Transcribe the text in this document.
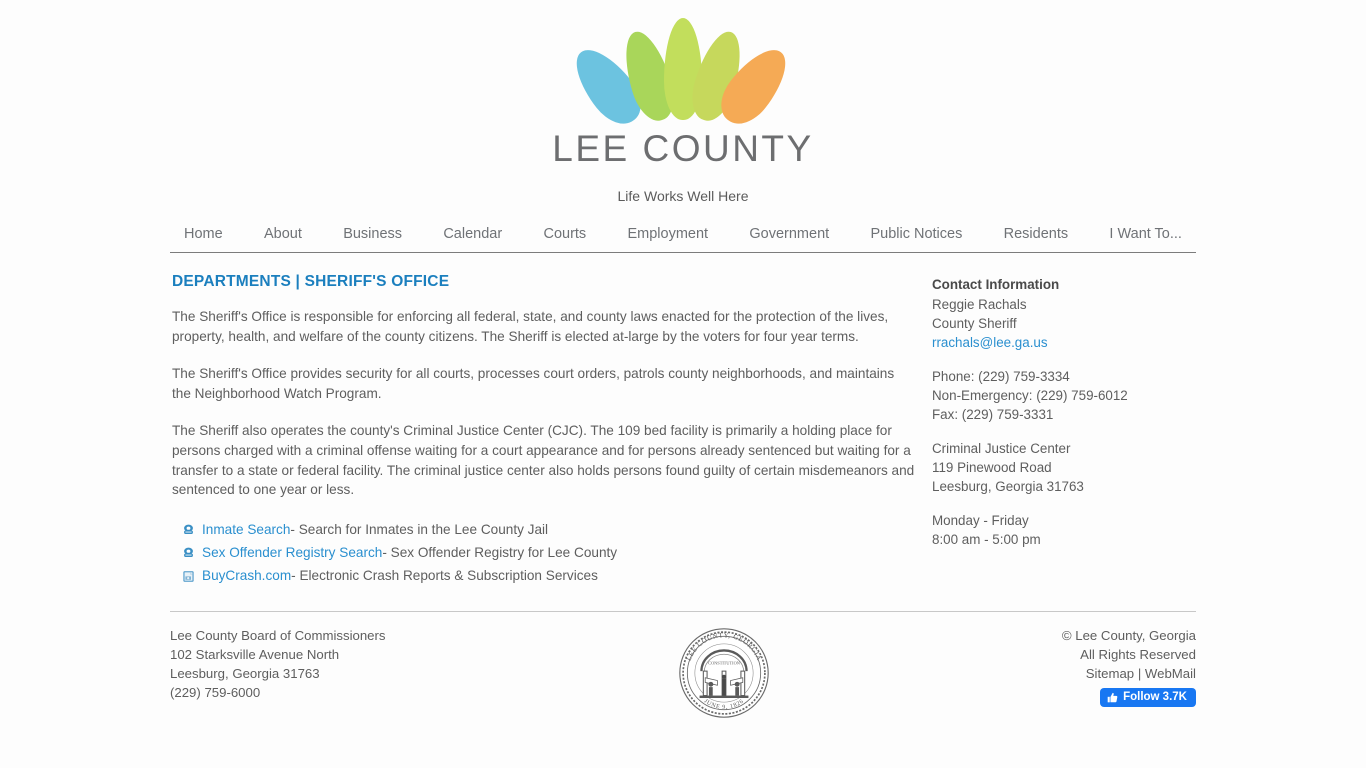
LEE COUNTY
Life Works Well Here
Home	About	Business	Calendar	Courts	Employment	Government	Public Notices	Residents	I Want To...
DEPARTMENTS | SHERIFF'S OFFICE

The Sheriff's Office is responsible for enforcing all federal, state, and county laws enacted for the protection of the lives, property, health, and welfare of the county citizens. The Sheriff is elected at-large by the voters for four year terms.

The Sheriff's Office provides security for all courts, processes court orders, patrols county neighborhoods, and maintains the Neighborhood Watch Program.

The Sheriff also operates the county's Criminal Justice Center (CJC). The 109 bed facility is primarily a holding place for persons charged with a criminal offense waiting for a court appearance and for persons already sentenced but waiting for a transfer to a state or federal facility. The criminal justice center also holds persons found guilty of certain misdemeanors and sentenced to one year or less.

Inmate Search - Search for Inmates in the Lee County Jail
Sex Offender Registry Search - Sex Offender Registry for Lee County
BuyCrash.com - Electronic Crash Reports & Subscription Services
Contact Information
Reggie Rachals
County Sheriff
rrachals@lee.ga.us
Phone: (229) 759-3334
Non-Emergency: (229) 759-6012
Fax: (229) 759-3331
Criminal Justice Center
119 Pinewood Road
Leesburg, Georgia 31763
Monday - Friday
8:00 am - 5:00 pm
Lee County Board of Commissioners
102 Starksville Avenue North
Leesburg, Georgia 31763
(229) 759-6000
LEE COUNTY, GEORGIA
JUNE 9, 1826
CONSTITUTION
© Lee County, Georgia
All Rights Reserved
Sitemap | WebMail
Follow 3.7K
